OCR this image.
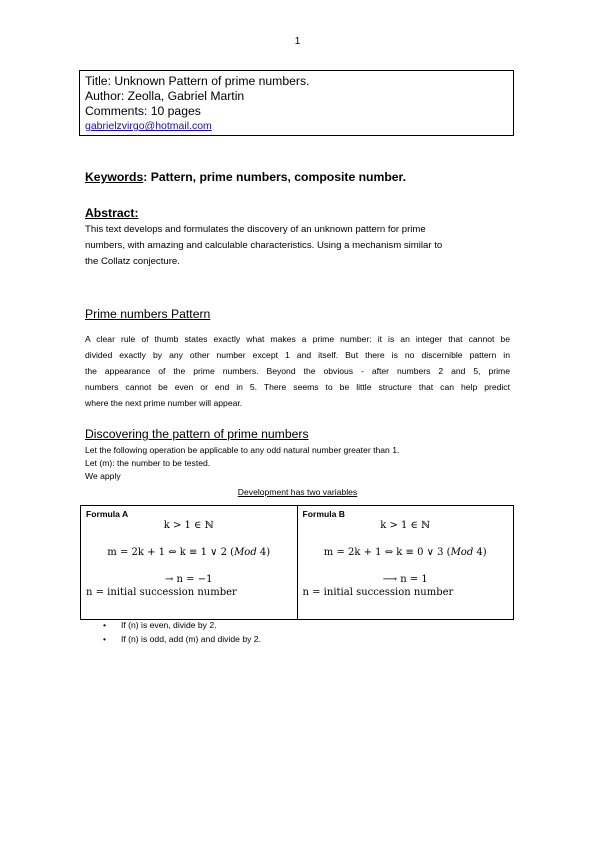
1
Title: Unknown Pattern of prime numbers.
Author: Zeolla, Gabriel Martin
Comments: 10 pages
gabrielzvirgo@hotmail.com
Keywords: Pattern, prime numbers, composite number.
Abstract:
This text develops and formulates the discovery of an unknown pattern for prime
numbers, with amazing and calculable characteristics. Using a mechanism similar to
the Collatz conjecture.
Prime numbers Pattern
A clear rule of thumb states exactly what makes a prime number: it is an integer that cannot be
divided exactly by any other number except 1 and itself. But there is no discernible pattern in
the appearance of the prime numbers. Beyond the obvious - after numbers 2 and 5, prime
numbers cannot be even or end in 5. There seems to be little structure that can help predict
where the next prime number will appear.
Discovering the pattern of prime numbers
Let the following operation be applicable to any odd natural number greater than 1.
Let (m): the number to be tested.
We apply
Development has two variables
Formula A
k > 1 ∈ ℕ
m = 2k + 1 ⇔ k ≡ 1 ∨ 2 (Mod 4)
→ n = −1
n = initial succession number
Formula B
k > 1 ∈ ℕ
m = 2k + 1 ⇔ k ≡ 0 ∨ 3 (Mod 4)
⟶ n = 1
n = initial succession number
• If (n) is even, divide by 2.
• If (n) is odd, add (m) and divide by 2.
